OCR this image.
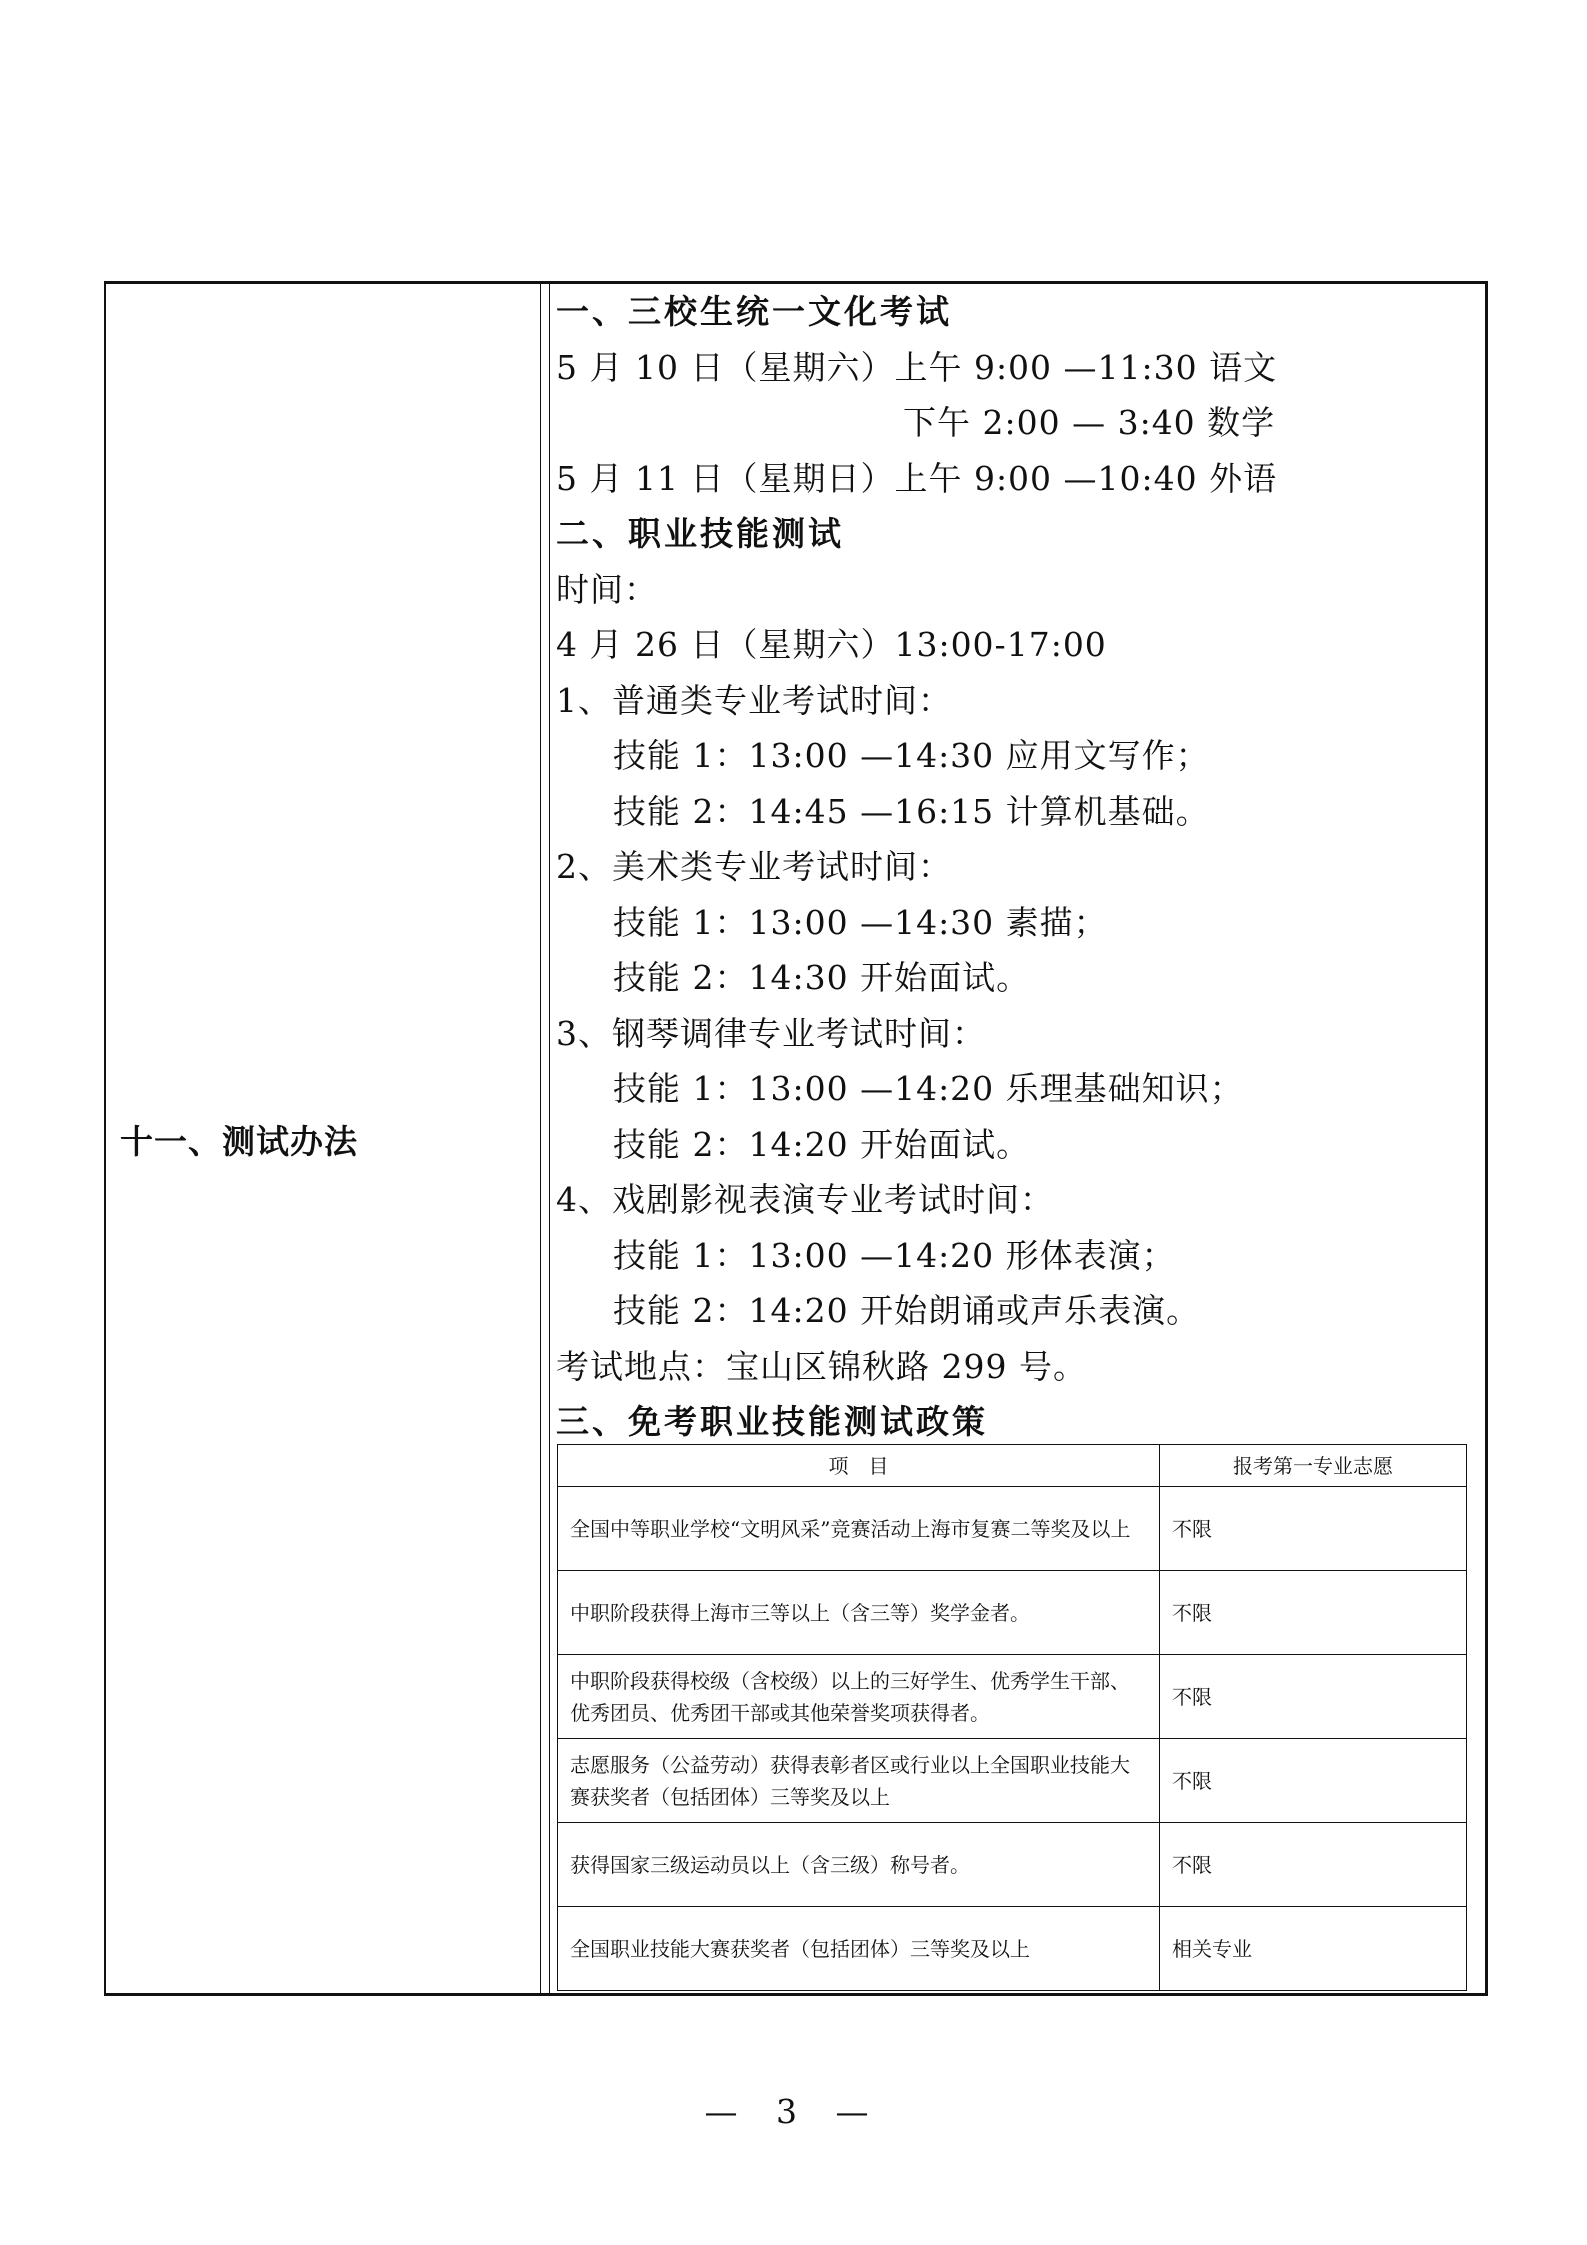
十一、测试办法
一、三校生统一文化考试
5 月 10 日（星期六）上午 9:00 —11:30 语文
下午 2:00 — 3:40 数学
5 月 11 日（星期日）上午 9:00 —10:40 外语
二、职业技能测试
时间：
4 月 26 日（星期六）13:00-17:00
1、普通类专业考试时间：
技能 1：13:00 —14:30 应用文写作；
技能 2：14:45 —16:15 计算机基础。
2、美术类专业考试时间：
技能 1：13:00 —14:30 素描；
技能 2：14:30 开始面试。
3、钢琴调律专业考试时间：
技能 1：13:00 —14:20 乐理基础知识；
技能 2：14:20 开始面试。
4、戏剧影视表演专业考试时间：
技能 1：13:00 —14:20 形体表演；
技能 2：14:20 开始朗诵或声乐表演。
考试地点：宝山区锦秋路 299 号。
三、免考职业技能测试政策
项　目	报考第一专业志愿
全国中等职业学校“文明风采”竞赛活动上海市复赛二等奖及以上	不限
中职阶段获得上海市三等以上（含三等）奖学金者。	不限
中职阶段获得校级（含校级）以上的三好学生、优秀学生干部、优秀团员、优秀团干部或其他荣誉奖项获得者。	不限
志愿服务（公益劳动）获得表彰者区或行业以上全国职业技能大赛获奖者（包括团体）三等奖及以上	不限
获得国家三级运动员以上（含三级）称号者。	不限
全国职业技能大赛获奖者（包括团体）三等奖及以上	相关专业
— 3 —
